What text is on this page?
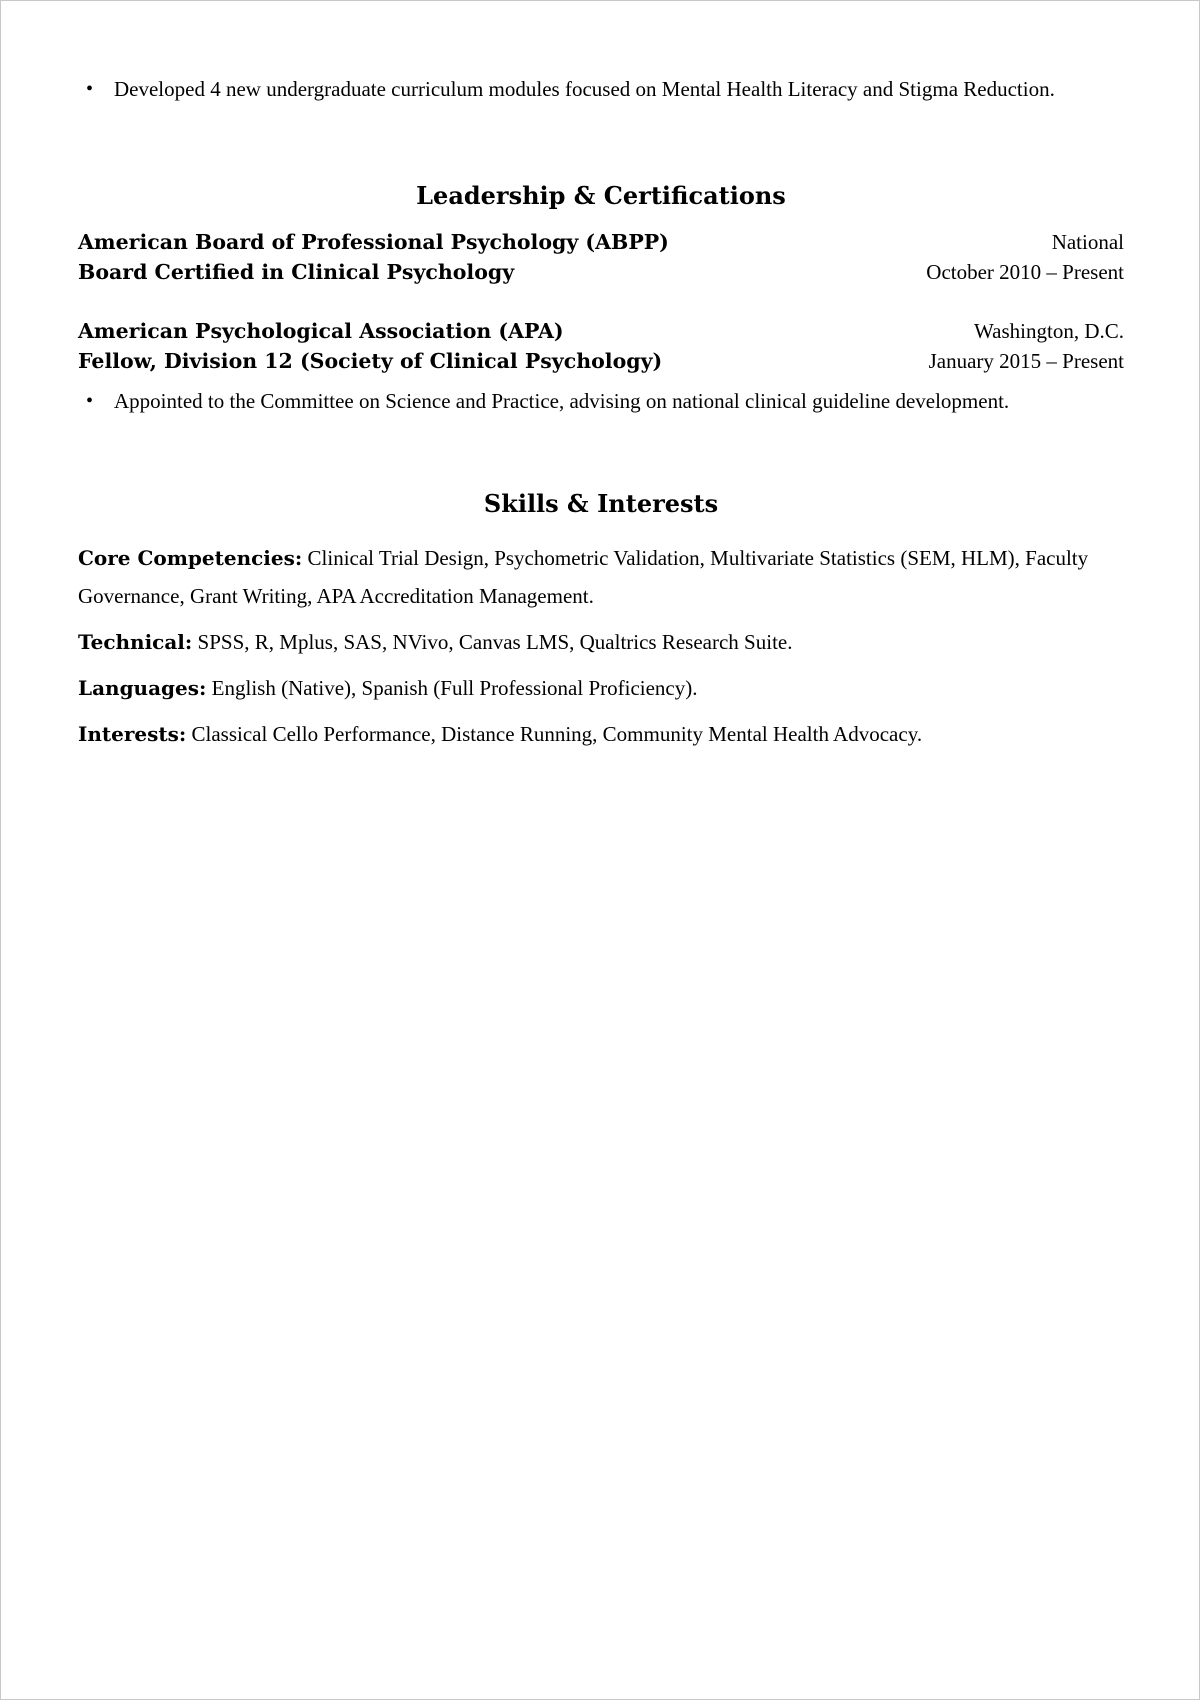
• Developed 4 new undergraduate curriculum modules focused on Mental Health Literacy and Stigma Reduction.
Leadership & Certifications
American Board of Professional Psychology (ABPP)	National
Board Certified in Clinical Psychology	October 2010 – Present
American Psychological Association (APA)	Washington, D.C.
Fellow, Division 12 (Society of Clinical Psychology)	January 2015 – Present
• Appointed to the Committee on Science and Practice, advising on national clinical guideline development.
Skills & Interests

Core Competencies: Clinical Trial Design, Psychometric Validation, Multivariate Statistics (SEM, HLM), Faculty Governance, Grant Writing, APA Accreditation Management.

Technical: SPSS, R, Mplus, SAS, NVivo, Canvas LMS, Qualtrics Research Suite.

Languages: English (Native), Spanish (Full Professional Proficiency).

Interests: Classical Cello Performance, Distance Running, Community Mental Health Advocacy.
